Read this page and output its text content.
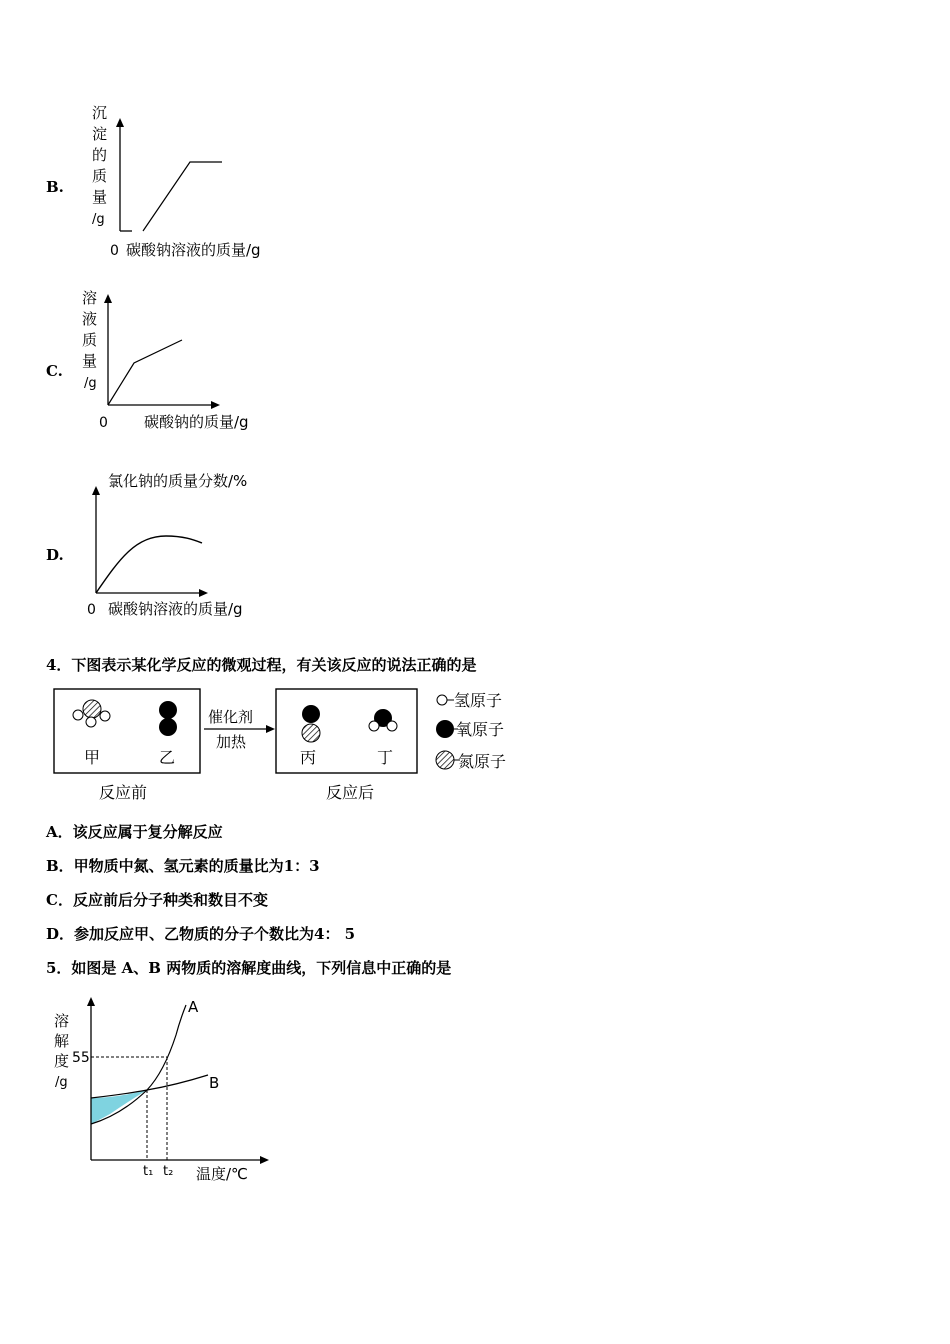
B.
沉
淀
的
质
量
/g
0 碳酸钠溶液的质量/g
C.
溶
液
质
量
/g
0 碳酸钠的质量/g
D.
氯化钠的质量分数/%
0 碳酸钠溶液的质量/g
4．下图表示某化学反应的微观过程，有关该反应的说法正确的是
甲	乙
反应前
催化剂
加热
丙	丁
反应后
氢原子
氧原子
氮原子
A．该反应属于复分解反应
B．甲物质中氮、氢元素的质量比为1：3
C．反应前后分子种类和数目不变
D．参加反应甲、乙物质的分子个数比为4： 5
5．如图是 A、B 两物质的溶解度曲线，下列信息中正确的是
溶
解
度
/g
55
A
B
t₁ t₂ 温度/℃
